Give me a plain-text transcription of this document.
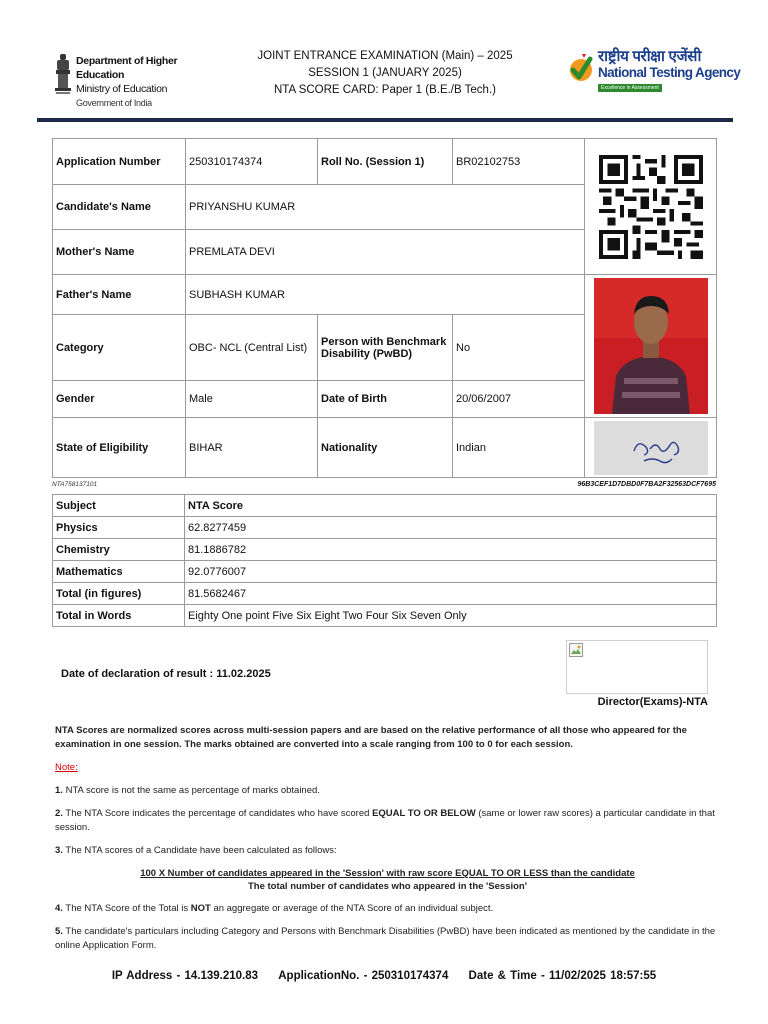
Department of Higher Education
Ministry of Education
Government of India
JOINT ENTRANCE EXAMINATION (Main) – 2025
SESSION 1 (JANUARY 2025)
NTA SCORE CARD: Paper 1 (B.E./B Tech.)
राष्ट्रीय परीक्षा एजेंसी
National Testing Agency
Excellence in Assessment
Application Number	250310174374	Roll No. (Session 1)	BR02102753	

Candidate's Name	PRIYANSHU KUMAR			
Mother's Name	PREMLATA DEVI			
Father's Name	SUBHASH KUMAR	

Category	OBC- NCL (Central List)	Person with Benchmark Disability (PwBD)	No	
Gender	Male	Date of Birth	20/06/2007	
State of Eligibility	BIHAR	Nationality	Indian	
NTA758137101	96B3CEF1D7DBD0F7BA2F32563DCF7695
Subject	NTA Score
Physics	62.8277459
Chemistry	81.1886782
Mathematics	92.0776007
Total (in figures)	81.5682467
Total in Words	Eighty One point Five Six Eight Two Four Six Seven Only
Date of declaration of result : 11.02.2025
Director(Exams)-NTA
NTA Scores are normalized scores across multi-session papers and are based on the relative performance of all those who appeared for the examination in one session. The marks obtained are converted into a scale ranging from 100 to 0 for each session.
Note:

1. NTA score is not the same as percentage of marks obtained.

2. The NTA Score indicates the percentage of candidates who have scored EQUAL TO OR BELOW (same or lower raw scores) a particular candidate in that session.

3. The NTA scores of a Candidate have been calculated as follows:

100 X Number of candidates appeared in the 'Session' with raw score EQUAL TO OR LESS than the candidate
The total number of candidates who appeared in the 'Session'

4. The NTA Score of the Total is NOT an aggregate or average of the NTA Score of an individual subject.

5. The candidate's particulars including Category and Persons with Benchmark Disabilities (PwBD) have been indicated as mentioned by the candidate in the online Application Form.

IP Address - 14.139.210.83 ApplicationNo. - 250310174374 Date & Time - 11/02/2025 18:57:55
